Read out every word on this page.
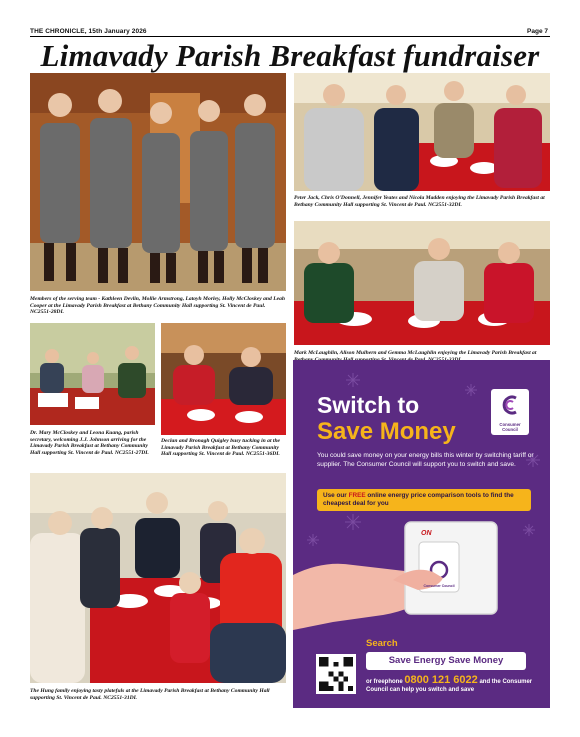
THE CHRONICLE, 15th January 2026	Page 7
Limavady Parish Breakfast fundraiser
Members of the serving team - Kathleen Devlin, Mollie Armstrong, Latoyh Morley, Holly McCloskey and Leah Cooper at the Limavady Parish Breakfast at Bethany Community Hall supporting St. Vincent de Paul. NC2551-28DL
Peter Jack, Chris O'Donnell, Jennifer Yeates and Nicola Madden enjoying the Limavady Parish Breakfast at Bethany Community Hall supporting St. Vincent de Paul. NC2551-32DL
Mark McLaughlin, Alison Mulhern and Gemma McLaughlin enjoying the Limavady Parish Breakfast at
Dr. Mary McCloskey and Leona Kuang, parish secretary, welcoming J.J. Johnson arriving for the Limavady Parish Breakfast at Bethany Community Hall supporting St. Vincent de Paul. NC2551-27DL
Declan and Bronagh Quigley busy tucking in at the Limavady Parish Breakfast at Bethany Community Hall supporting St. Vincent de Paul. NC2551-36DL
The Hung family enjoying tasty platefuls at the Limavady Parish Breakfast at Bethany Community Hall supporting St. Vincent de Paul. NC2551-31DL
Consumer Council
Switch to
Save Money
You could save money on your energy bills this winter by switching tariff or supplier. The Consumer Council will support you to switch and save.
Use our FREE online energy price comparison tools to find the cheapest deal for you
ON
Consumer Council
Search
Save Energy Save Money
or freephone 0800 121 6022 and the Consumer Council can help you switch and save
